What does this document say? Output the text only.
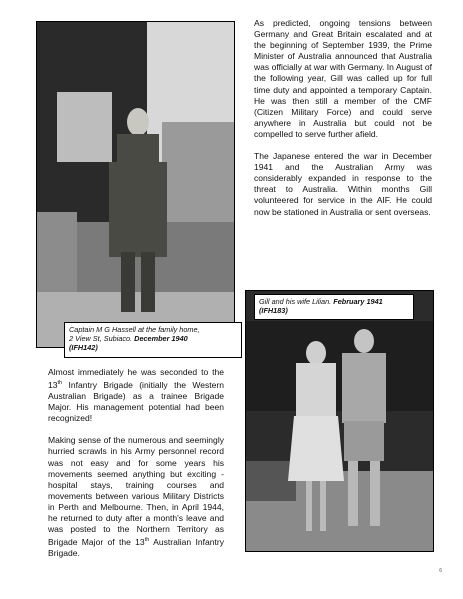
Captain M G Hassell at the family home,
2 View St, Subiaco. December 1940
(IFH142)

As predicted, ongoing tensions between Germany and Great Britain escalated and at the beginning of September 1939, the Prime Minister of Australia announced that Australia was officially at war with Germany. In August of the following year, Gill was called up for full time duty and appointed a temporary Captain. He was then still a member of the CMF (Citizen Military Force) and could serve anywhere in Australia but could not be compelled to serve further afield.

The Japanese entered the war in December 1941 and the Australian Army was considerably expanded in response to the threat to Australia. Within months Gill volunteered for service in the AIF. He could now be stationed in Australia or sent overseas.

Gill and his wife Lilian. February 1941
(IFH183)

Almost immediately he was seconded to the 13th Infantry Brigade (initially the Western Australian Brigade) as a trainee Brigade Major. His management potential had been recognized!

Making sense of the numerous and seemingly hurried scrawls in his Army personnel record was not easy and for some years his movements seemed anything but exciting - hospital stays, training courses and movements between various Military Districts in Perth and Melbourne. Then, in April 1944, he returned to duty after a month's leave and was posted to the Northern Territory as Brigade Major of the 13th Australian Infantry Brigade.

6
